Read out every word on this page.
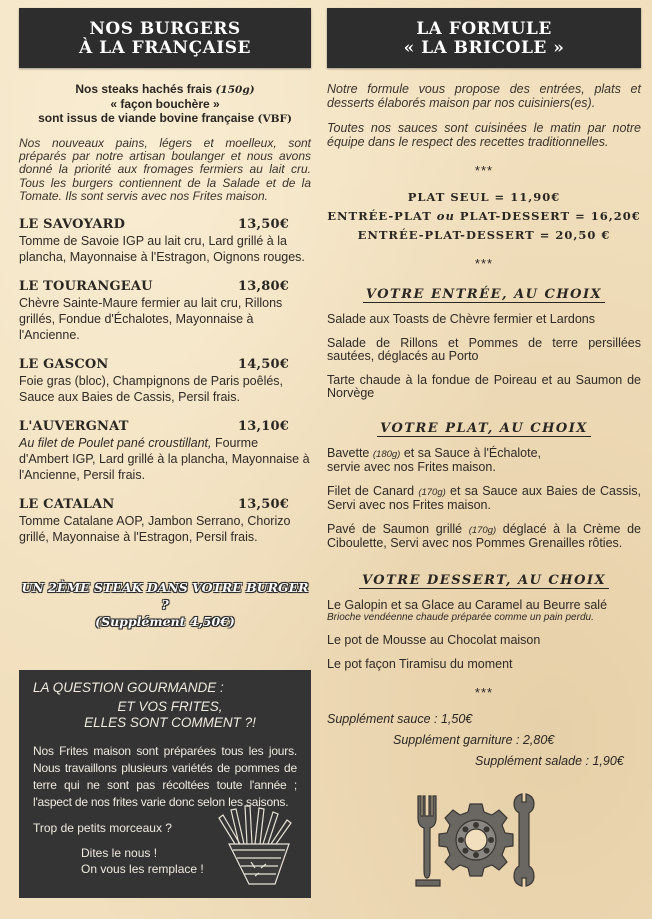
NOS BURGERS
À LA FRANÇAISE
Nos steaks hachés frais (150g)
« façon bouchère »
sont issus de viande bovine française (VBF)

Nos nouveaux pains, légers et moelleux, sont préparés par notre artisan boulanger et nous avons donné la priorité aux fromages fermiers au lait cru. Tous les burgers contiennent de la Salade et de la Tomate. Ils sont servis avec nos Frites maison.

LE SAVOYARD	13,50€
Tomme de Savoie IGP au lait cru, Lard grillé à la plancha, Mayonnaise à l'Estragon, Oignons rouges.
LE TOURANGEAU	13,80€
Chèvre Sainte-Maure fermier au lait cru, Rillons grillés, Fondue d'Échalotes, Mayonnaise à l'Ancienne.
LE GASCON	14,50€
Foie gras (bloc), Champignons de Paris poêlés, Sauce aux Baies de Cassis, Persil frais.
L'AUVERGNAT	13,10€
Au filet de Poulet pané croustillant, Fourme d'Ambert IGP, Lard grillé à la plancha, Mayonnaise à l'Ancienne, Persil frais.
LE CATALAN	13,50€
Tomme Catalane AOP, Jambon Serrano, Chorizo grillé, Mayonnaise à l'Estragon, Persil frais.
UN 2ÈME STEAK DANS VOTRE BURGER ?
(Supplément 4,50€)
LA QUESTION GOURMANDE :
ET VOS FRITES,
ELLES SONT COMMENT ?!

Nos Frites maison sont préparées tous les jours. Nous travaillons plusieurs variétés de pommes de terre qui ne sont pas récoltées toute l'année ; l'aspect de nos frites varie donc selon les saisons.

Trop de petits morceaux ?
Dites le nous !
On vous les remplace !
LA FORMULE
« LA BRICOLE »

Notre formule vous propose des entrées, plats et desserts élaborés maison par nos cuisiniers(es).

Toutes nos sauces sont cuisinées le matin par notre équipe dans le respect des recettes traditionnelles.

***
PLAT SEUL = 11,90€
ENTRÉE-PLAT ou PLAT-DESSERT = 16,20€
ENTRÉE-PLAT-DESSERT = 20,50 €
***
VOTRE ENTRÉE, AU CHOIX

Salade aux Toasts de Chèvre fermier et Lardons

Salade de Rillons et Pommes de terre persillées sautées, déglacés au Porto

Tarte chaude à la fondue de Poireau et au Saumon de Norvège

VOTRE PLAT, AU CHOIX

Bavette (180g) et sa Sauce à l'Échalote,
servie avec nos Frites maison.

Filet de Canard (170g) et sa Sauce aux Baies de Cassis, Servi avec nos Frites maison.

Pavé de Saumon grillé (170g) déglacé à la Crème de Ciboulette, Servi avec nos Pommes Grenailles rôties.

VOTRE DESSERT, AU CHOIX

Le Galopin et sa Glace au Caramel au Beurre salé
Brioche vendéenne chaude préparée comme un pain perdu.

Le pot de Mousse au Chocolat maison

Le pot façon Tiramisu du moment

***
Supplément sauce : 1,50€
Supplément garniture : 2,80€
Supplément salade : 1,90€
